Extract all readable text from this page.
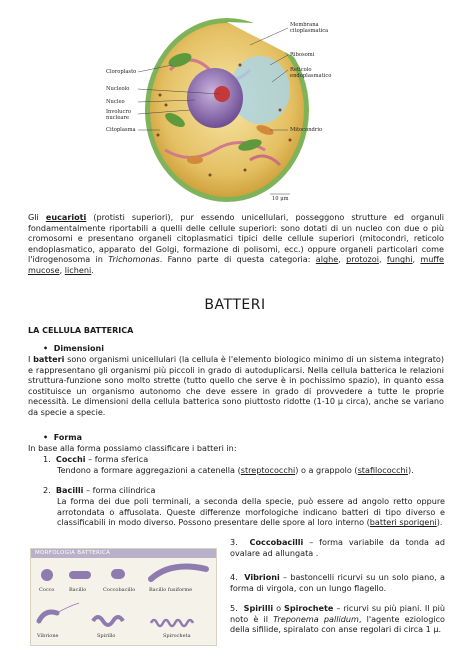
Membrana citoplasmatica
Ribosomi
Reticolo endoplasmatico
Mitocondrio
Cloroplasto
Nucleolo
Nucleo
Involucro nucleare
Citoplasma
10 μm
Gli eucarioti (protisti superiori), pur essendo unicellulari, posseggono strutture ed organuli fondamentalmente riportabili a quelli delle cellule superiori: sono dotati di un nucleo con due o più cromosomi e presentano organeli citoplasmatici tipici delle cellule superiori (mitocondri, reticolo endoplasmatico, apparato del Golgi, formazione di polisomi, ecc.) oppure organeli particolari come l'idrogenosoma in Trichomonas. Fanno parte di questa categoria: alghe, protozoi, funghi, muffe mucose, licheni.
BATTERI
LA CELLULA BATTERICA
• Dimensioni
I batteri sono organismi unicellulari (la cellula è l'elemento biologico minimo di un sistema integrato) e rappresentano gli organismi più piccoli in grado di autoduplicarsi. Nella cellula batterica le relazioni struttura-funzione sono molto strette (tutto quello che serve è in pochissimo spazio), in quanto essa costituisce un organismo autonomo che deve essere in grado di provvedere a tutte le proprie necessità. Le dimensioni della cellula batterica sono piuttosto ridotte (1-10 μ circa), anche se variano da specie a specie.
• Forma
In base alla forma possiamo classificare i batteri in:
1. Cocchi – forma sferica
Tendono a formare aggregazioni a catenella (streptococchi) o a grappolo (stafilococchi).
2. Bacilli – forma cilindrica
La forma dei due poli terminali, a seconda della specie, può essere ad angolo retto oppure arrotondata o affusolata. Queste differenze morfologiche indicano batteri di tipo diverso e classificabili in modo diverso. Possono presentare delle spore al loro interno (batteri sporigeni).
MORFOLOGIA BATTERICA
Cocco	Bacillo	Coccobacillo	Bacillo fusiforme
Vibrione	Spirillo	Spirocheta
3. Coccobacilli – forma variabile da tonda ad ovalare ad allungata .
4. Vibrioni – bastoncelli ricurvi su un solo piano, a forma di virgola, con un lungo flagello.
5. Spirilli o Spirochete – ricurvi su più piani. Il più noto è il Treponema pallidum, l'agente eziologico della sifilide, spiralato con anse regolari di circa 1 μ.
